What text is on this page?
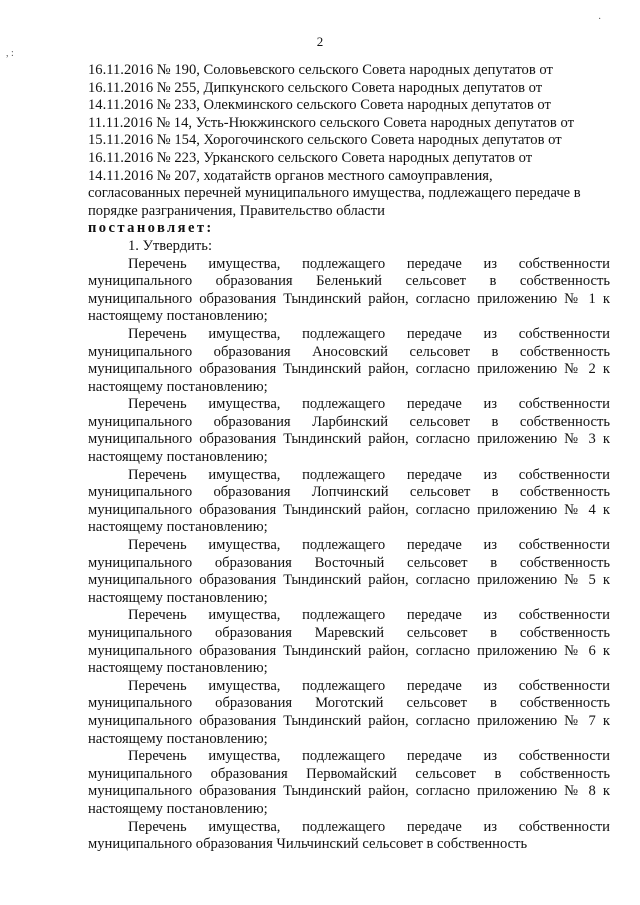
2
·
, :
16.11.2016 № 190, Соловьевского сельского Совета народных депутатов от
16.11.2016 № 255, Дипкунского сельского Совета народных депутатов от
14.11.2016 № 233, Олекминского сельского Совета народных депутатов от
11.11.2016 № 14, Усть-Нюкжинского сельского Совета народных депутатов от
15.11.2016 № 154, Хорогочинского сельского Совета народных депутатов от
16.11.2016 № 223, Урканского сельского Совета народных депутатов от
14.11.2016 № 207, ходатайств органов местного самоуправления,
согласованных перечней муниципального имущества, подлежащего передаче в
порядке разграничения, Правительство области
постановляет:
1. Утвердить:
Перечень имущества, подлежащего передаче из собственности муниципального образования Беленький сельсовет в собственность муниципального образования Тындинский район, согласно приложению № 1 к настоящему постановлению;
Перечень имущества, подлежащего передаче из собственности муниципального образования Аносовский сельсовет в собственность муниципального образования Тындинский район, согласно приложению № 2 к настоящему постановлению;
Перечень имущества, подлежащего передаче из собственности муниципального образования Ларбинский сельсовет в собственность муниципального образования Тындинский район, согласно приложению № 3 к настоящему постановлению;
Перечень имущества, подлежащего передаче из собственности муниципального образования Лопчинский сельсовет в собственность муниципального образования Тындинский район, согласно приложению № 4 к настоящему постановлению;
Перечень имущества, подлежащего передаче из собственности муниципального образования Восточный сельсовет в собственность муниципального образования Тындинский район, согласно приложению № 5 к настоящему постановлению;
Перечень имущества, подлежащего передаче из собственности муниципального образования Маревский сельсовет в собственность муниципального образования Тындинский район, согласно приложению № 6 к настоящему постановлению;
Перечень имущества, подлежащего передаче из собственности муниципального образования Моготский сельсовет в собственность муниципального образования Тындинский район, согласно приложению № 7 к настоящему постановлению;
Перечень имущества, подлежащего передаче из собственности муниципального образования Первомайский сельсовет в собственность муниципального образования Тындинский район, согласно приложению № 8 к настоящему постановлению;
Перечень имущества, подлежащего передаче из собственности муниципального образования Чильчинский сельсовет в собственность
